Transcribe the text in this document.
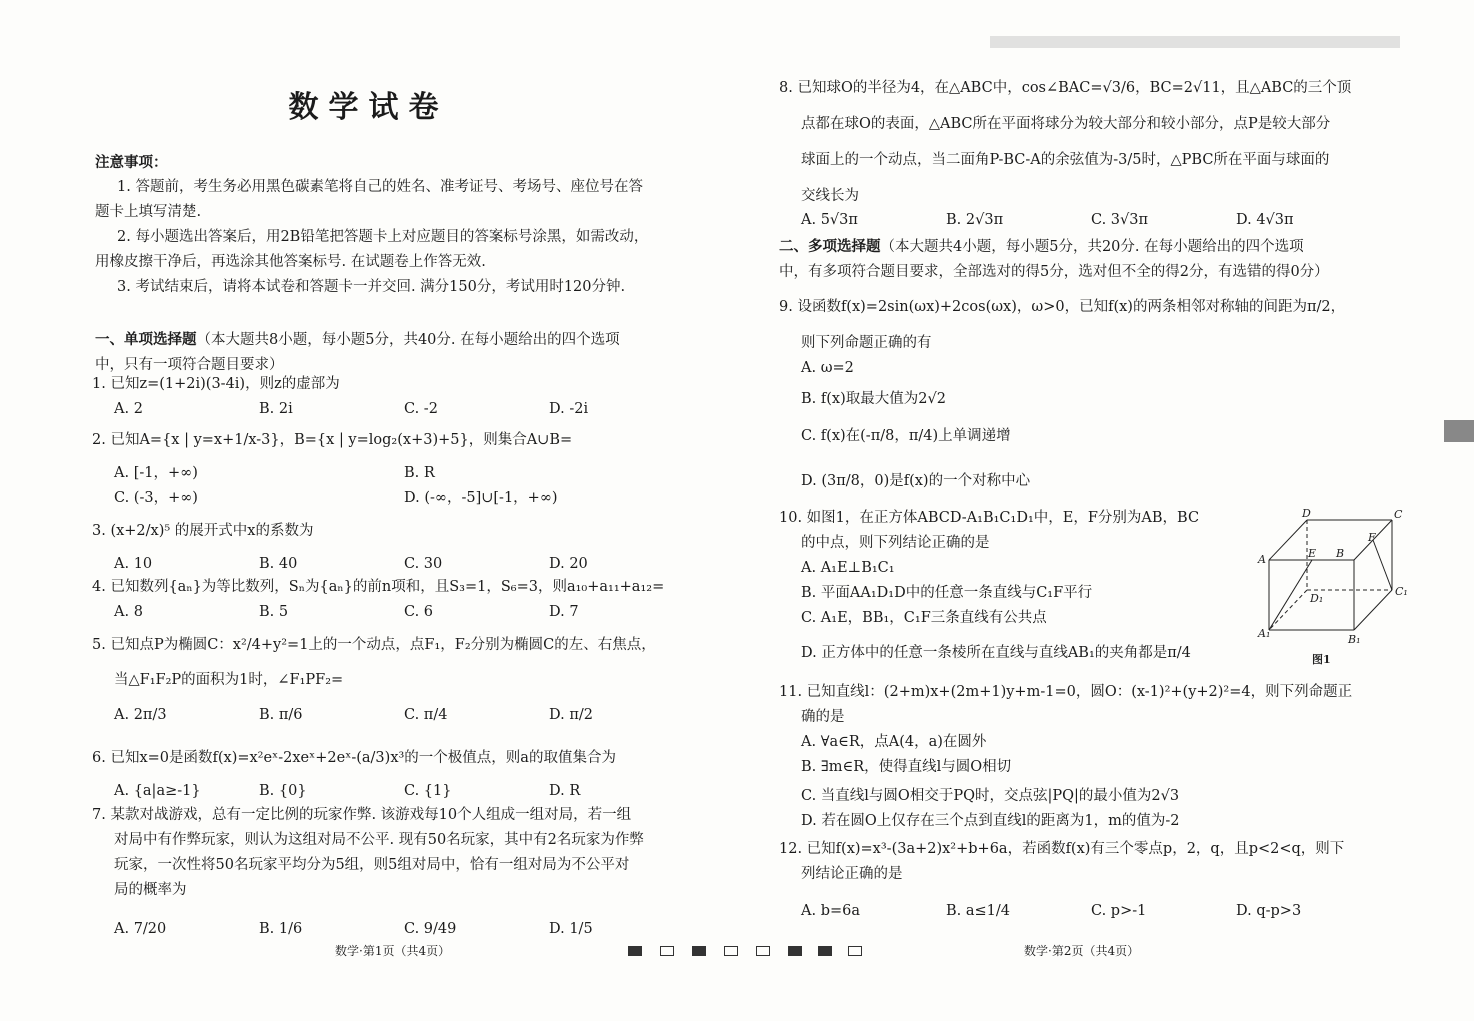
数学试卷
注意事项：
1. 答题前，考生务必用黑色碳素笔将自己的姓名、准考证号、考场号、座位号在答
题卡上填写清楚.
2. 每小题选出答案后，用2B铅笔把答题卡上对应题目的答案标号涂黑，如需改动，
用橡皮擦干净后，再选涂其他答案标号. 在试题卷上作答无效.
3. 考试结束后，请将本试卷和答题卡一并交回. 满分150分，考试用时120分钟.
一、单项选择题（本大题共8小题，每小题5分，共40分. 在每小题给出的四个选项
中，只有一项符合题目要求）
1. 已知z=(1+2i)(3-4i)，则z的虚部为
A. 2	B. 2i	C. -2	D. -2i
2. 已知A={x | y=x+1/x-3}，B={x | y=log₂(x+3)+5}，则集合A∪B=
A. [-1，+∞)	B. R
C. (-3，+∞)	D. (-∞，-5]∪[-1，+∞)
3. (x+2/x)⁵ 的展开式中x的系数为
A. 10	B. 40	C. 30	D. 20
4. 已知数列{aₙ}为等比数列，Sₙ为{aₙ}的前n项和，且S₃=1，S₆=3，则a₁₀+a₁₁+a₁₂=
A. 8	B. 5	C. 6	D. 7
5. 已知点P为椭圆C：x²/4+y²=1上的一个动点，点F₁，F₂分别为椭圆C的左、右焦点，
当△F₁F₂P的面积为1时，∠F₁PF₂=
A. 2π/3	B. π/6	C. π/4	D. π/2
6. 已知x=0是函数f(x)=x²eˣ-2xeˣ+2eˣ-(a/3)x³的一个极值点，则a的取值集合为
A. {a|a≥-1}	B. {0}	C. {1}	D. R
7. 某款对战游戏，总有一定比例的玩家作弊. 该游戏每10个人组成一组对局，若一组
对局中有作弊玩家，则认为这组对局不公平. 现有50名玩家，其中有2名玩家为作弊
玩家，一次性将50名玩家平均分为5组，则5组对局中，恰有一组对局为不公平对
局的概率为
A. 7/20	B. 1/6	C. 9/49	D. 1/5
数学·第1页（共4页）
8. 已知球O的半径为4，在△ABC中，cos∠BAC=√3/6，BC=2√11，且△ABC的三个顶
点都在球O的表面，△ABC所在平面将球分为较大部分和较小部分，点P是较大部分
球面上的一个动点，当二面角P-BC-A的余弦值为-3/5时，△PBC所在平面与球面的
交线长为
A. 5√3π	B. 2√3π	C. 3√3π	D. 4√3π
二、多项选择题（本大题共4小题，每小题5分，共20分. 在每小题给出的四个选项
中，有多项符合题目要求，全部选对的得5分，选对但不全的得2分，有选错的得0分）
9. 设函数f(x)=2sin(ωx)+2cos(ωx)，ω>0，已知f(x)的两条相邻对称轴的间距为π/2，
则下列命题正确的有
A. ω=2
B. f(x)取最大值为2√2
C. f(x)在(-π/8，π/4)上单调递增
D. (3π/8，0)是f(x)的一个对称中心
10. 如图1，在正方体ABCD-A₁B₁C₁D₁中，E，F分别为AB，BC
的中点，则下列结论正确的是
A. A₁E⊥B₁C₁
B. 平面AA₁D₁D中的任意一条直线与C₁F平行
C. A₁E，BB₁，C₁F三条直线有公共点
D. 正方体中的任意一条棱所在直线与直线AB₁的夹角都是π/4
D	C
F
A	E B
D₁
C₁
A₁	B₁
图1
11. 已知直线l：(2+m)x+(2m+1)y+m-1=0，圆O：(x-1)²+(y+2)²=4，则下列命题正
确的是
A. ∀a∈R，点A(4，a)在圆外
B. ∃m∈R，使得直线l与圆O相切
C. 当直线l与圆O相交于PQ时，交点弦|PQ|的最小值为2√3
D. 若在圆O上仅存在三个点到直线l的距离为1，m的值为-2
12. 已知f(x)=x³-(3a+2)x²+b+6a，若函数f(x)有三个零点p，2，q，且p<2<q，则下
列结论正确的是
A. b=6a	B. a≤1/4	C. p>-1	D. q-p>3
数学·第2页（共4页）
